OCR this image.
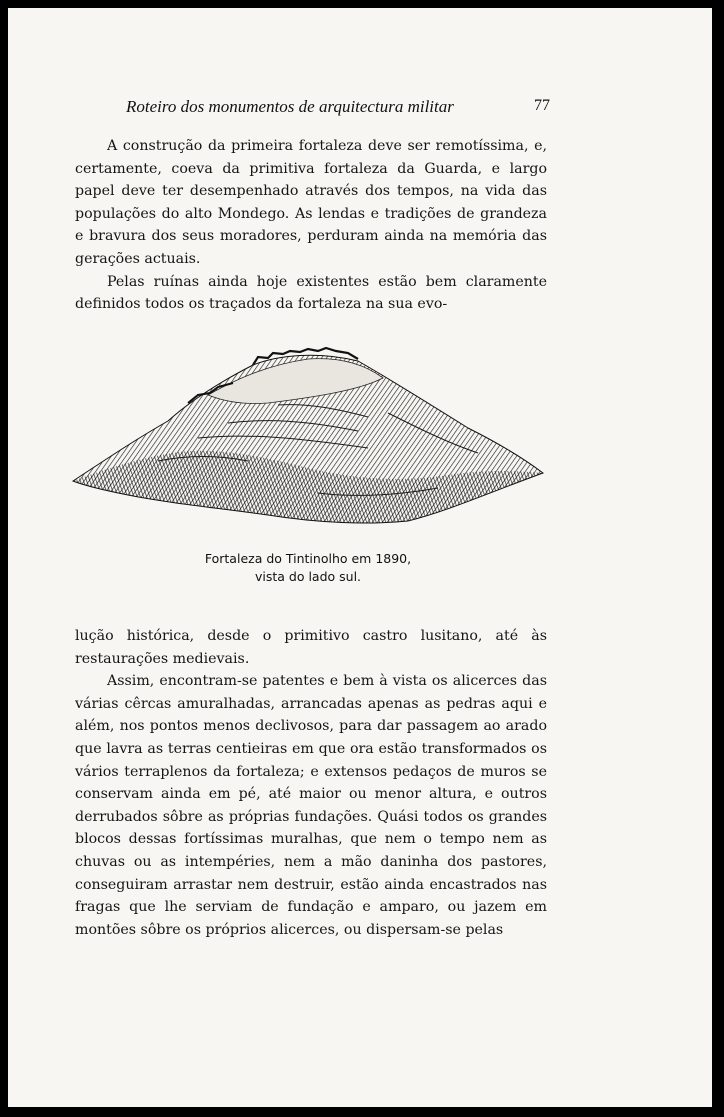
Roteiro dos monumentos de arquitectura militar	77

A construção da primeira fortaleza deve ser remotíssima, e, certamente, coeva da primitiva fortaleza da Guarda, e largo papel deve ter desempenhado através dos tempos, na vida das populações do alto Mondego. As lendas e tradições de grandeza e bravura dos seus moradores, perduram ainda na memória das gerações actuais.

Pelas ruínas ainda hoje existentes estão bem claramente definidos todos os traçados da fortaleza na sua evo-

Fortaleza do Tintinolho em 1890,
vista do lado sul.

lução histórica, desde o primitivo castro lusitano, até às restaurações medievais.

Assim, encontram-se patentes e bem à vista os alicerces das várias cêrcas amuralhadas, arrancadas apenas as pedras aqui e além, nos pontos menos declivosos, para dar passagem ao arado que lavra as terras centieiras em que ora estão transformados os vários terraplenos da fortaleza; e extensos pedaços de muros se conservam ainda em pé, até maior ou menor altura, e outros derrubados sôbre as próprias fundações. Quási todos os grandes blocos dessas fortíssimas muralhas, que nem o tempo nem as chuvas ou as intempéries, nem a mão daninha dos pastores, conseguiram arrastar nem destruir, estão ainda encastrados nas fragas que lhe serviam de fundação e amparo, ou jazem em montões sôbre os próprios alicerces, ou dispersam-se pelas
